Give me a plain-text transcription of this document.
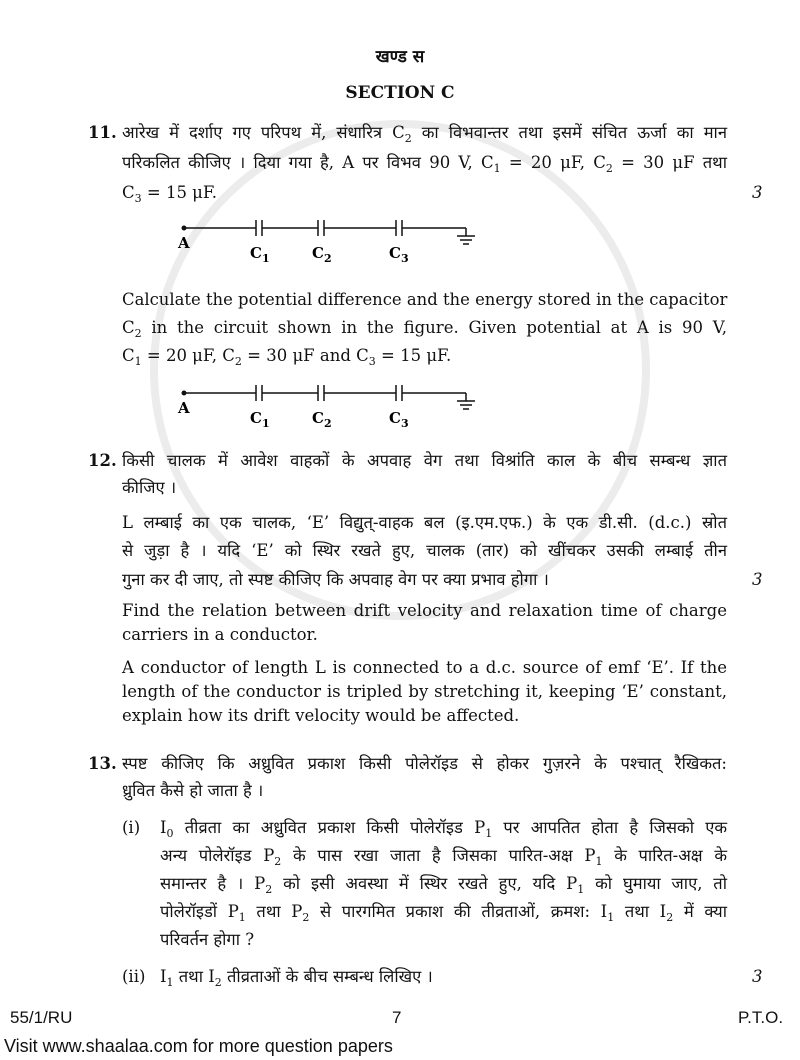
खण्ड स
SECTION C
11. आरेख में दर्शाए गए परिपथ में, संधारित्र $C_2$ का विभवान्तर तथा इसमें संचित ऊर्जा का मान
परिकलित कीजिए । दिया गया है, A पर विभव 90 V, $C_1 = 20$ μF, $C_2 = 30$ μF तथा
$C_3 = 15$ μF.	3
A
$C_1$	$C_2$	$C_3$
Calculate the potential difference and the energy stored in the capacitor
$C_2$ in the circuit shown in the figure. Given potential at A is 90 V,
$C_1 = 20$ μF, $C_2 = 30$ μF and $C_3 = 15$ μF.
A
$C_1$	$C_2$	$C_3$
12. किसी चालक में आवेश वाहकों के अपवाह वेग तथा विश्रांति काल के बीच सम्बन्ध ज्ञात
कीजिए ।
L लम्बाई का एक चालक, ‘E’ विद्युत्-वाहक बल (इ.एम.एफ.) के एक डी.सी. (d.c.) स्रोत
से जुड़ा है । यदि ‘E’ को स्थिर रखते हुए, चालक (तार) को खींचकर उसकी लम्बाई तीन
गुना कर दी जाए, तो स्पष्ट कीजिए कि अपवाह वेग पर क्या प्रभाव होगा ।	3
Find the relation between drift velocity and relaxation time of charge
carriers in a conductor.
A conductor of length L is connected to a d.c. source of emf ‘E’. If the
length of the conductor is tripled by stretching it, keeping ‘E’ constant,
explain how its drift velocity would be affected.
13. स्पष्ट कीजिए कि अध्रुवित प्रकाश किसी पोलेरॉइड से होकर गुज़रने के पश्चात् रैखिकत:
ध्रुवित कैसे हो जाता है ।
(i) $I_0$ तीव्रता का अध्रुवित प्रकाश किसी पोलेरॉइड $P_1$ पर आपतित होता है जिसको एक
अन्य पोलेरॉइड $P_2$ के पास रखा जाता है जिसका पारित-अक्ष $P_1$ के पारित-अक्ष के
समान्तर है । $P_2$ को इसी अवस्था में स्थिर रखते हुए, यदि $P_1$ को घुमाया जाए, तो
पोलेरॉइडों $P_1$ तथा $P_2$ से पारगमित प्रकाश की तीव्रताओं, क्रमश: $I_1$ तथा $I_2$ में क्या
परिवर्तन होगा ?
(ii) $I_1$ तथा $I_2$ तीव्रताओं के बीच सम्बन्ध लिखिए ।	3
55/1/RU	7	P.T.O.
Visit www.shaalaa.com for more question papers
